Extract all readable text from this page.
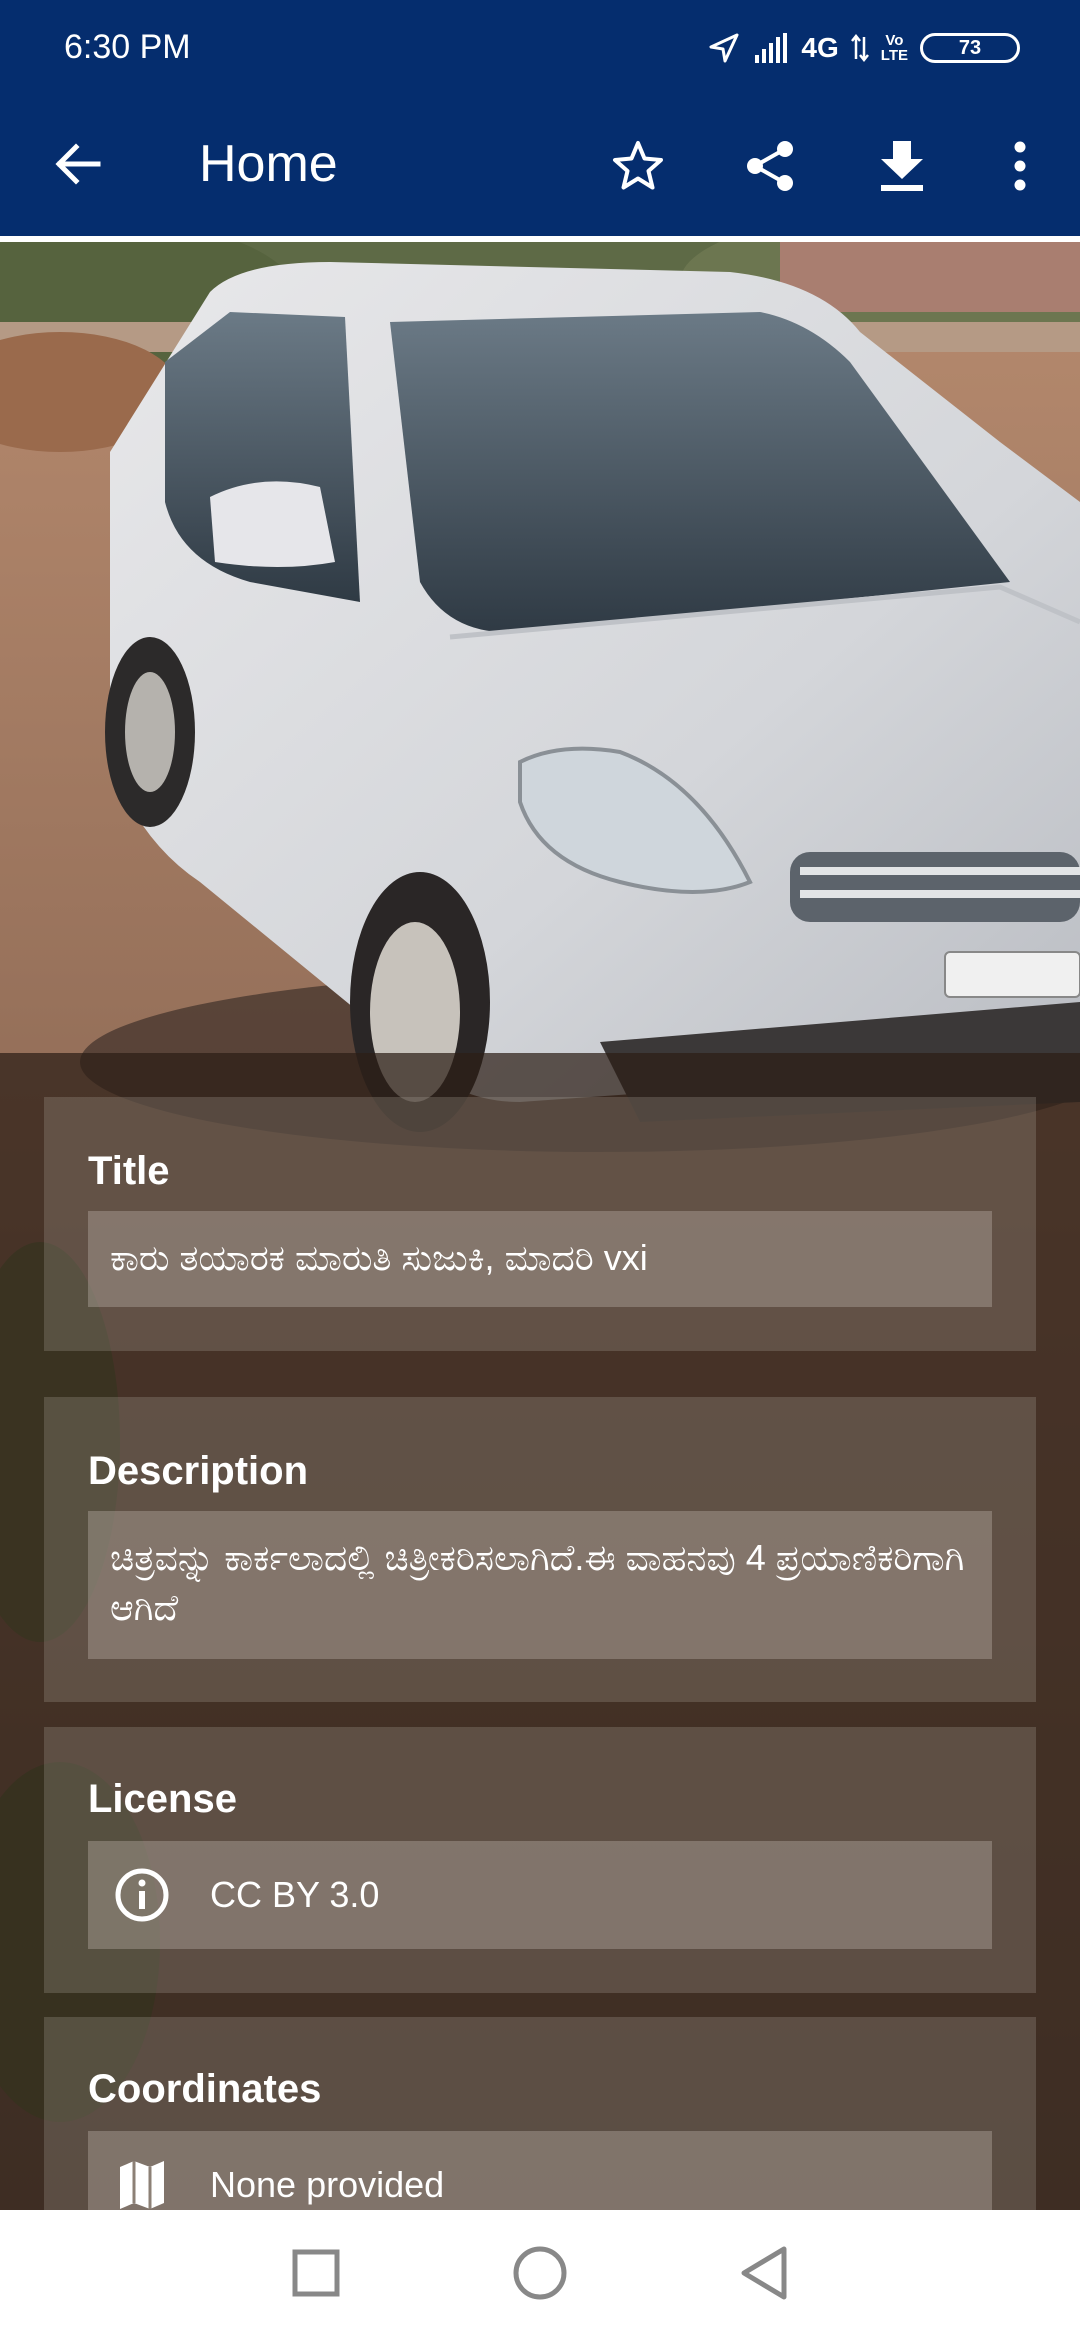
Title
ಕಾರು ತಯಾರಕ ಮಾರುತಿ ಸುಜುಕಿ, ಮಾದರಿ vxi
Description
ಚಿತ್ರವನ್ನು ಕಾರ್ಕಲಾದಲ್ಲಿ ಚಿತ್ರೀಕರಿಸಲಾಗಿದೆ.ಈ ವಾಹನವು 4 ಪ್ರಯಾಣಿಕರಿಗಾಗಿ ಆಗಿದೆ
License
CC BY 3.0
Coordinates
None provided
6:30 PM	4G	Vo
LTE	73
Home
